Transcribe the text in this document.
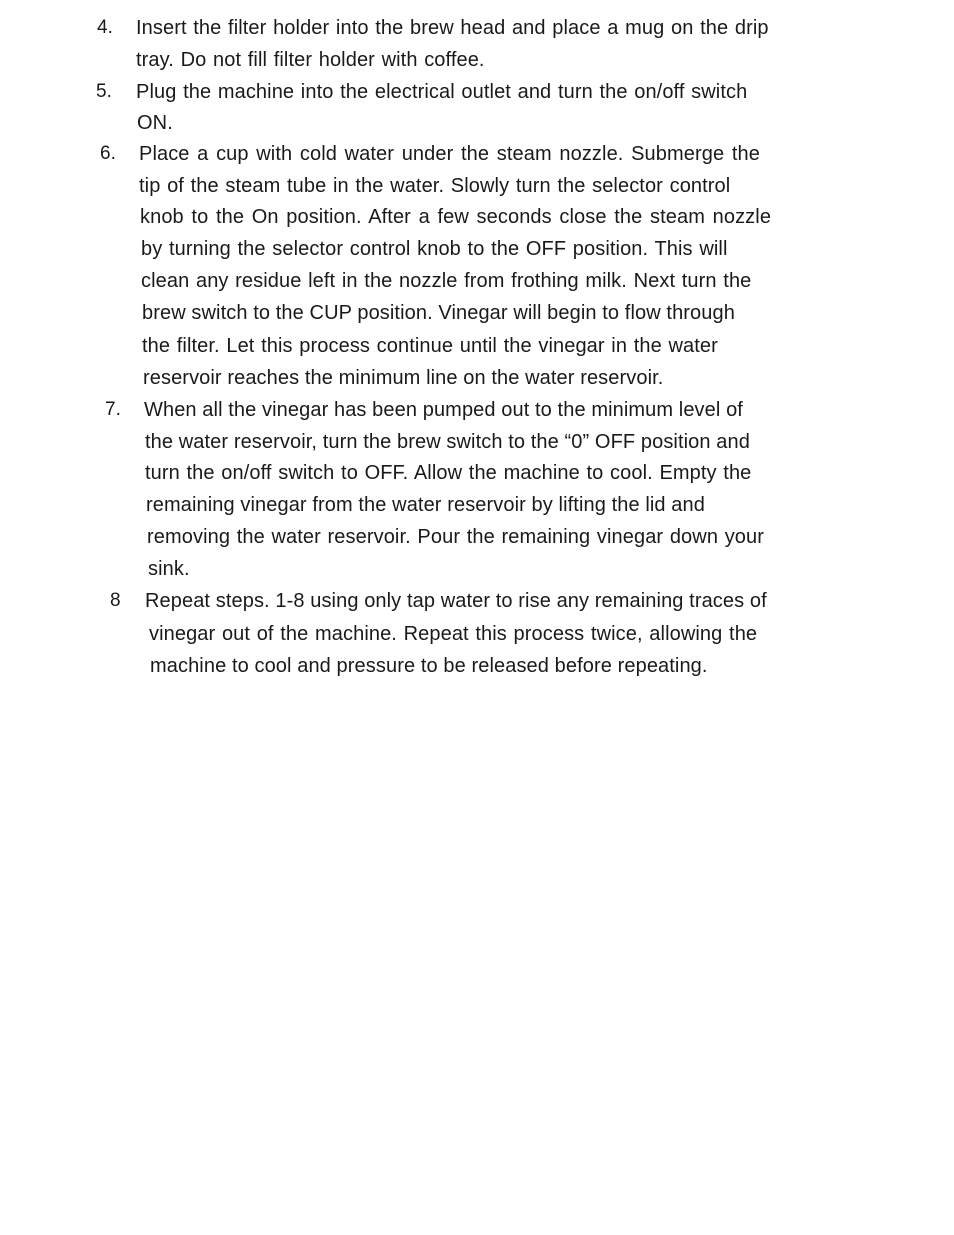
4. Insert the filter holder into the brew head and place a mug on the drip
tray. Do not fill filter holder with coffee.
5. Plug the machine into the electrical outlet and turn the on/off switch
ON.
6. Place a cup with cold water under the steam nozzle. Submerge the
tip of the steam tube in the water. Slowly turn the selector control
knob to the On position. After a few seconds close the steam nozzle
by turning the selector control knob to the OFF position. This will
clean any residue left in the nozzle from frothing milk. Next turn the
brew switch to the CUP position. Vinegar will begin to flow through
the filter. Let this process continue until the vinegar in the water
reservoir reaches the minimum line on the water reservoir.
7. When all the vinegar has been pumped out to the minimum level of
the water reservoir, turn the brew switch to the “0” OFF position and
turn the on/off switch to OFF. Allow the machine to cool. Empty the
remaining vinegar from the water reservoir by lifting the lid and
removing the water reservoir. Pour the remaining vinegar down your
sink.
8 Repeat steps. 1-8 using only tap water to rise any remaining traces of
vinegar out of the machine. Repeat this process twice, allowing the
machine to cool and pressure to be released before repeating.
